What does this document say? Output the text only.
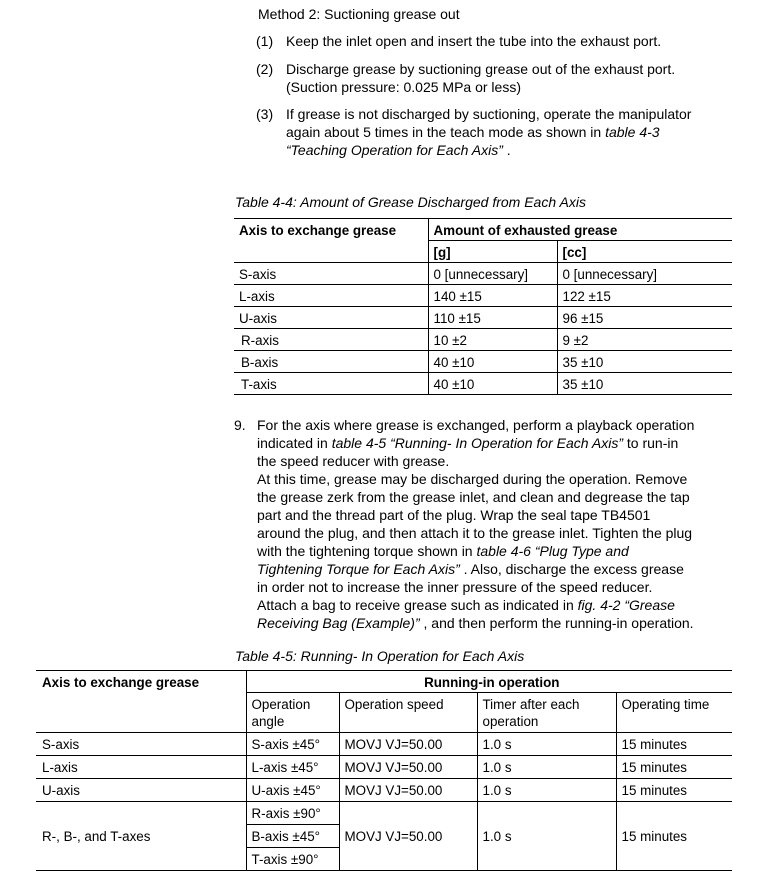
Method 2: Suctioning grease out
(1) Keep the inlet open and insert the tube into the exhaust port.
(2) Discharge grease by suctioning grease out of the exhaust port.
(Suction pressure: 0.025 MPa or less)
(3) If grease is not discharged by suctioning, operate the manipulator
again about 5 times in the teach mode as shown in table 4-3
“Teaching Operation for Each Axis” .
Table 4-4: Amount of Grease Discharged from Each Axis
Axis to exchange grease	Amount of exhausted grease	
	[g]	[cc]
S-axis	0 [unnecessary]	0 [unnecessary]
L-axis	140 ±15	122 ±15
U-axis	110 ±15	96 ±15
R-axis	10 ±2	9 ±2
B-axis	40 ±10	35 ±10
T-axis	40 ±10	35 ±10
9. For the axis where grease is exchanged, perform a playback operation
indicated in table 4-5 “Running- In Operation for Each Axis” to run-in
the speed reducer with grease.
At this time, grease may be discharged during the operation. Remove
the grease zerk from the grease inlet, and clean and degrease the tap
part and the thread part of the plug. Wrap the seal tape TB4501
around the plug, and then attach it to the grease inlet. Tighten the plug
with the tightening torque shown in table 4-6 “Plug Type and
Tightening Torque for Each Axis” . Also, discharge the excess grease
in order not to increase the inner pressure of the speed reducer.
Attach a bag to receive grease such as indicated in fig. 4-2 “Grease
Receiving Bag (Example)” , and then perform the running-in operation.
Table 4-5: Running- In Operation for Each Axis
Axis to exchange grease	Running-in operation			
	Operation angle	Operation speed	Timer after each operation	Operating time
S-axis	S-axis ±45°	MOVJ VJ=50.00	1.0 s	15 minutes
L-axis	L-axis ±45°	MOVJ VJ=50.00	1.0 s	15 minutes
U-axis	U-axis ±45°	MOVJ VJ=50.00	1.0 s	15 minutes
R-, B-, and T-axes	R-axis ±90°	MOVJ VJ=50.00	1.0 s	15 minutes
	B-axis ±45°			
	T-axis ±90°			
